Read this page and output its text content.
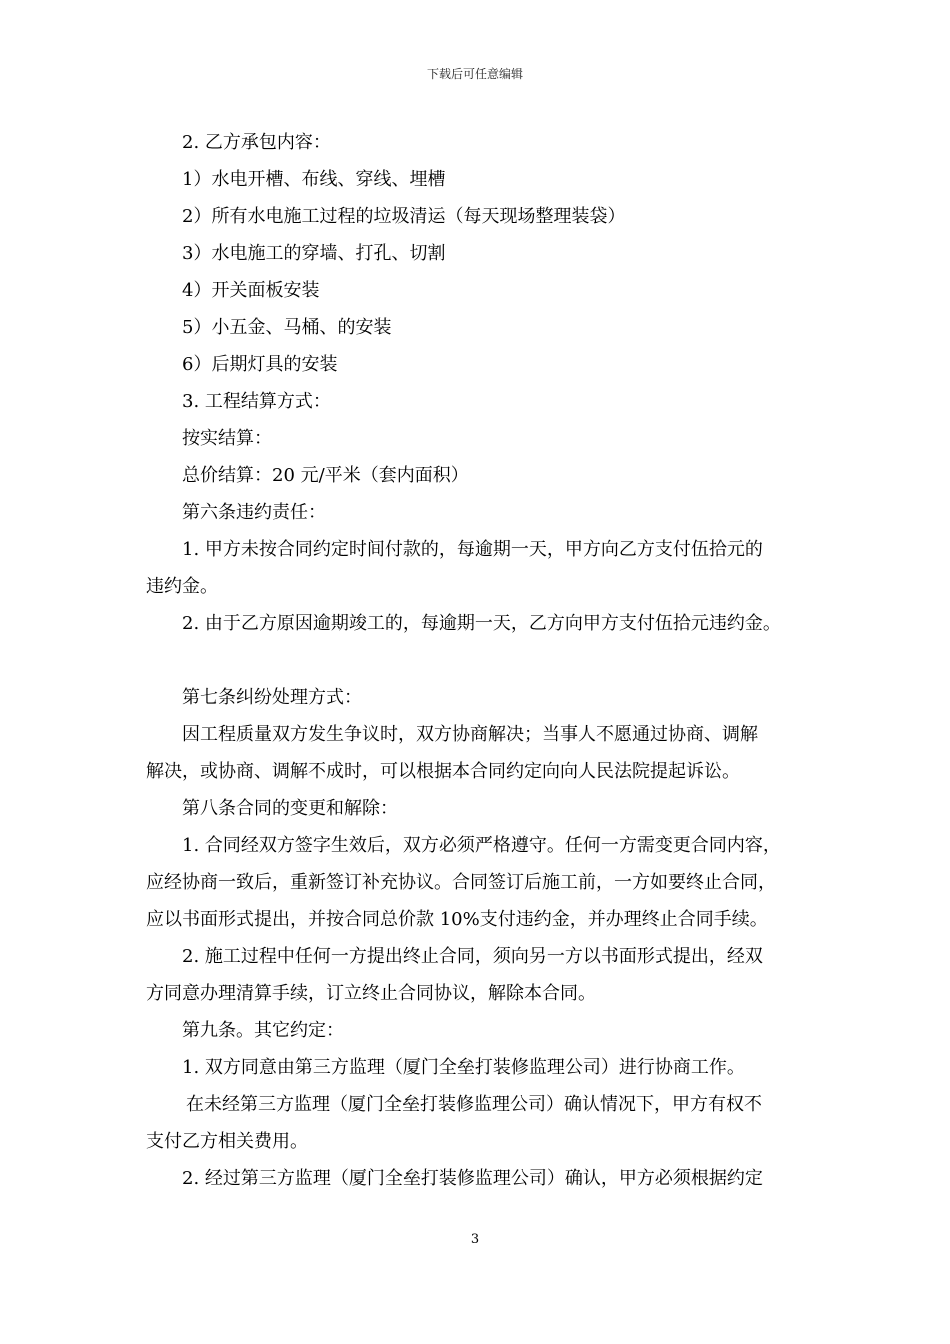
下载后可任意编辑
2. 乙方承包内容：
1）水电开槽、布线、穿线、埋槽
2）所有水电施工过程的垃圾清运（每天现场整理装袋）
3）水电施工的穿墙、打孔、切割
4）开关面板安装
5）小五金、马桶、的安装
6）后期灯具的安装
3. 工程结算方式：
按实结算：
总价结算：20 元/平米（套内面积）
第六条违约责任：
1. 甲方未按合同约定时间付款的，每逾期一天，甲方向乙方支付伍拾元的
违约金。
2. 由于乙方原因逾期竣工的，每逾期一天，乙方向甲方支付伍拾元违约金。
第七条纠纷处理方式：
因工程质量双方发生争议时，双方协商解决；当事人不愿通过协商、调解
解决，或协商、调解不成时，可以根据本合同约定向向人民法院提起诉讼。
第八条合同的变更和解除：
1. 合同经双方签字生效后，双方必须严格遵守。任何一方需变更合同内容，
应经协商一致后，重新签订补充协议。合同签订后施工前，一方如要终止合同，
应以书面形式提出，并按合同总价款 10%支付违约金，并办理终止合同手续。
2. 施工过程中任何一方提出终止合同，须向另一方以书面形式提出，经双
方同意办理清算手续，订立终止合同协议，解除本合同。
第九条。其它约定：
1. 双方同意由第三方监理（厦门全垒打装修监理公司）进行协商工作。
在未经第三方监理（厦门全垒打装修监理公司）确认情况下，甲方有权不
支付乙方相关费用。
2. 经过第三方监理（厦门全垒打装修监理公司）确认，甲方必须根据约定
3
